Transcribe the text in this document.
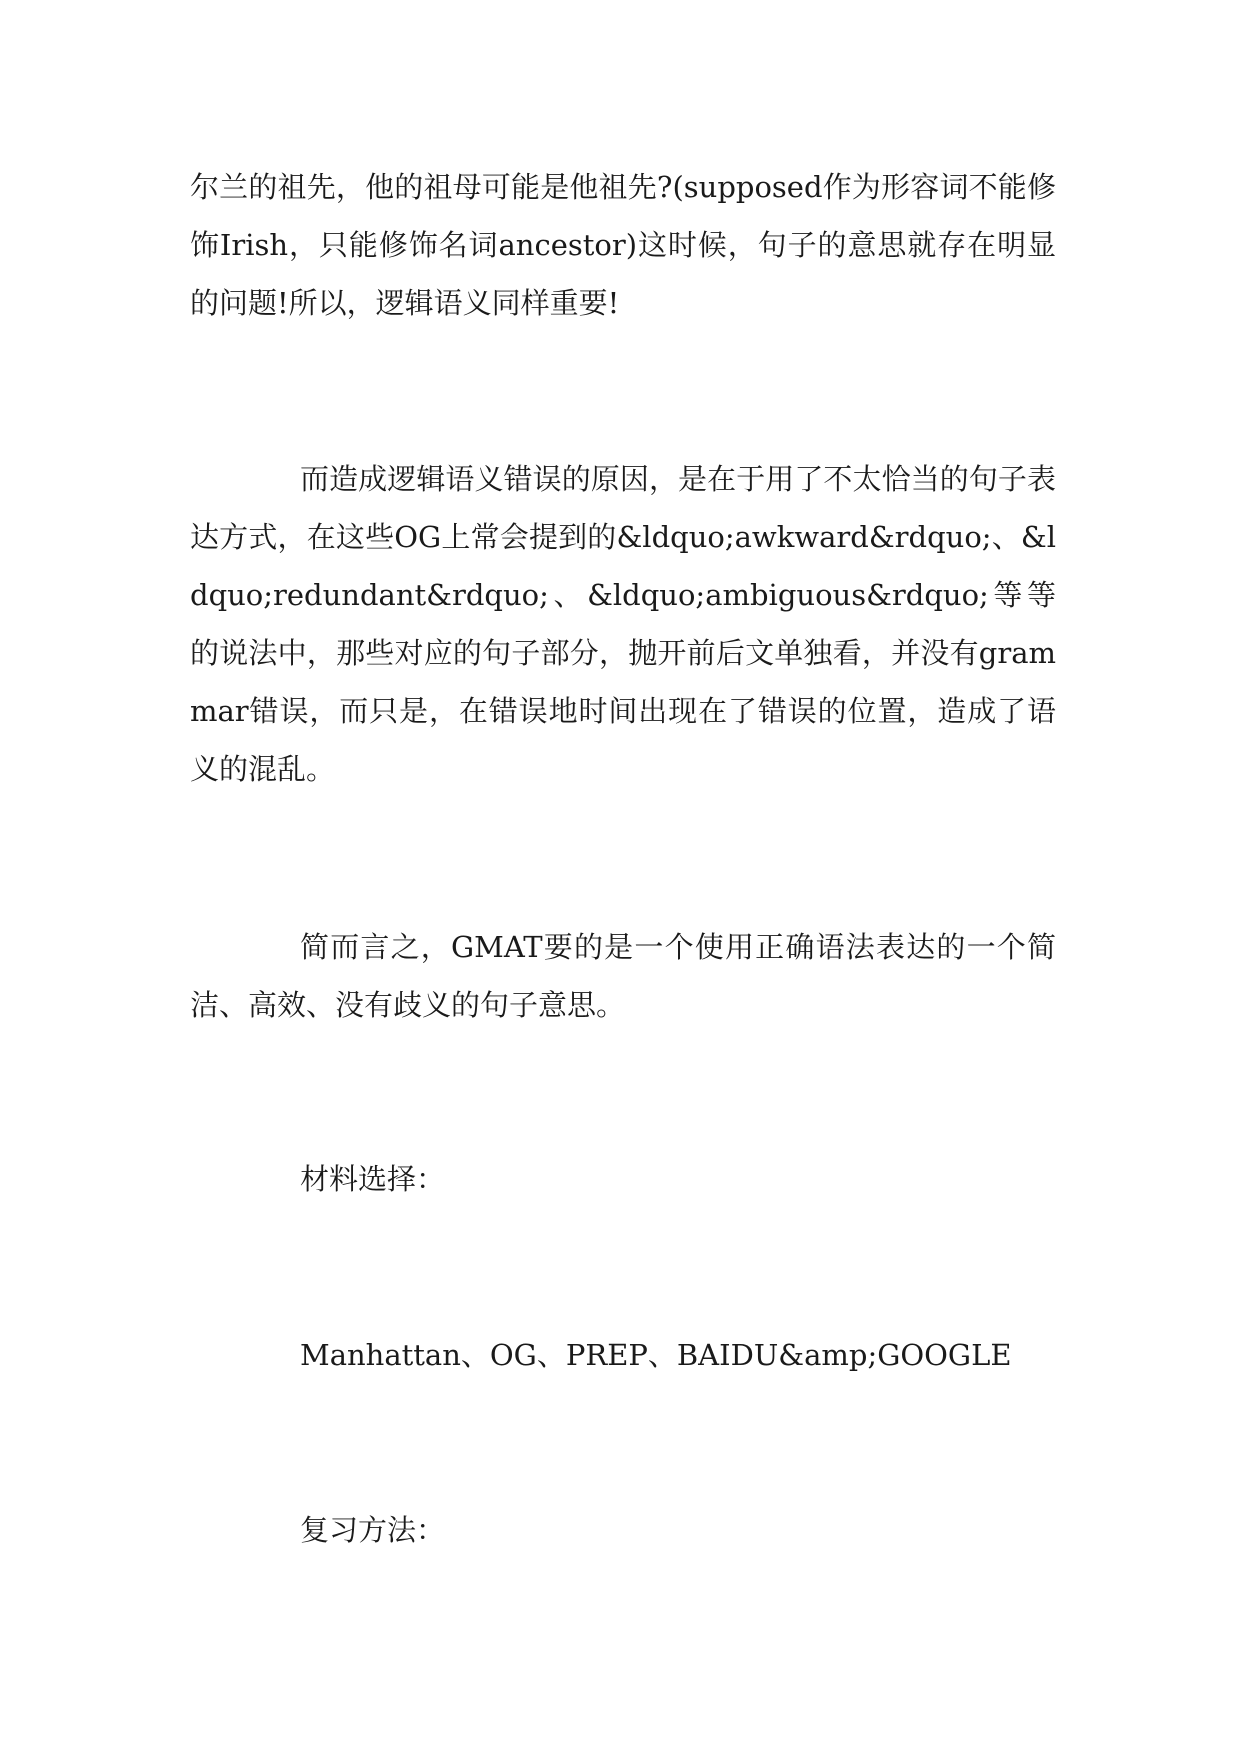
尔兰的祖先，他的祖母可能是他祖先?(supposed作为形容词不能修饰Irish，只能修饰名词ancestor)这时候，句子的意思就存在明显的问题!所以，逻辑语义同样重要!

而造成逻辑语义错误的原因，是在于用了不太恰当的句子表达方式，在这些OG上常会提到的&ldquo;awkward&rdquo;、&ldquo;redundant&rdquo;、&ldquo;ambiguous&rdquo;等等的说法中，那些对应的句子部分，抛开前后文单独看，并没有grammar错误，而只是，在错误地时间出现在了错误的位置，造成了语义的混乱。

简而言之，GMAT要的是一个使用正确语法表达的一个简洁、高效、没有歧义的句子意思。

材料选择：

Manhattan、OG、PREP、BAIDU&amp;GOOGLE

复习方法：
